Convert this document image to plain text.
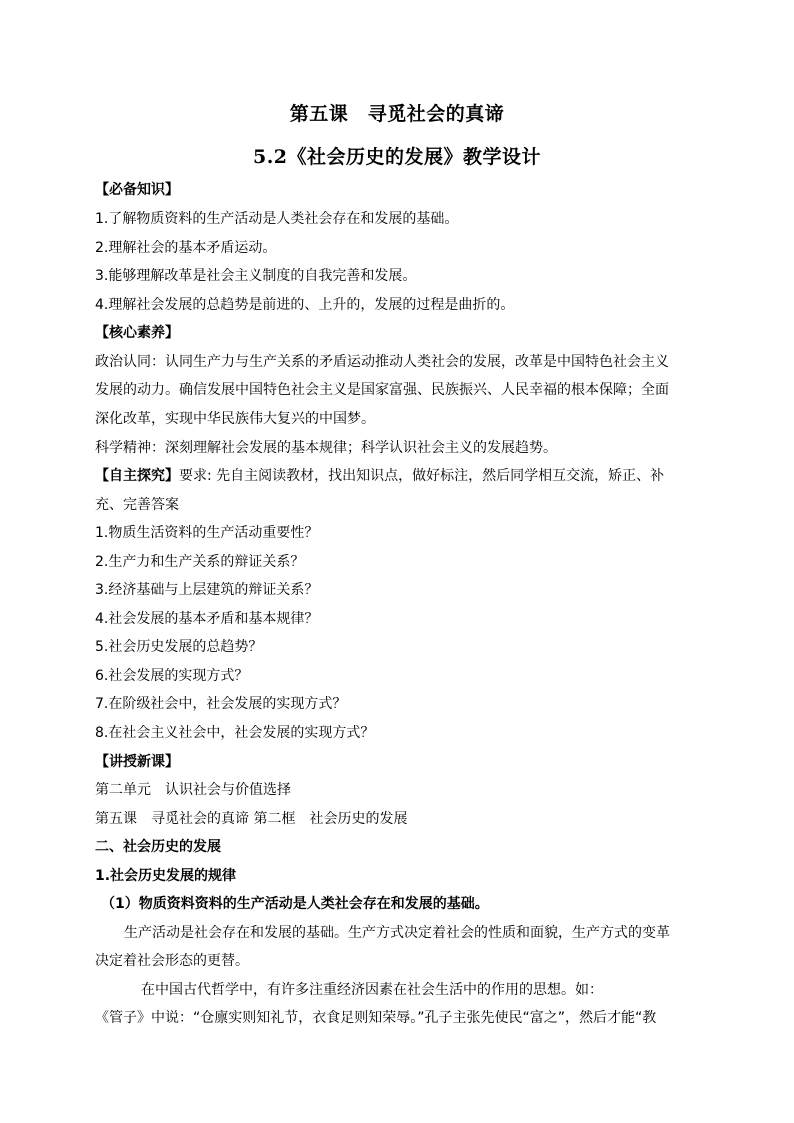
第五课　寻觅社会的真谛
5.2《社会历史的发展》教学设计
【必备知识】
1.了解物质资料的生产活动是人类社会存在和发展的基础。
2.理解社会的基本矛盾运动。
3.能够理解改革是社会主义制度的自我完善和发展。
4.理解社会发展的总趋势是前进的、上升的，发展的过程是曲折的。
【核心素养】
政治认同：认同生产力与生产关系的矛盾运动推动人类社会的发展，改革是中国特色社会主义
发展的动力。确信发展中国特色社会主义是国家富强、民族振兴、人民幸福的根本保障；全面
深化改革，实现中华民族伟大复兴的中国梦。
科学精神：深刻理解社会发展的基本规律；科学认识社会主义的发展趋势。
【自主探究】要求: 先自主阅读教材，找出知识点，做好标注，然后同学相互交流，矫正、补
充、完善答案
1.物质生活资料的生产活动重要性？
2.生产力和生产关系的辩证关系？
3.经济基础与上层建筑的辩证关系？
4.社会发展的基本矛盾和基本规律？
5.社会历史发展的总趋势？
6.社会发展的实现方式？
7.在阶级社会中，社会发展的实现方式？
8.在社会主义社会中，社会发展的实现方式？
【讲授新课】
第二单元　认识社会与价值选择
第五课　寻觅社会的真谛 第二框　社会历史的发展
二、社会历史的发展
1.社会历史发展的规律
（1）物质资料资料的生产活动是人类社会存在和发展的基础。
生产活动是社会存在和发展的基础。生产方式决定着社会的性质和面貌，生产方式的变革
决定着社会形态的更替。
在中国古代哲学中，有许多注重经济因素在社会生活中的作用的思想。如：
《管子》中说：“仓廪实则知礼节，衣食足则知荣辱。”孔子主张先使民“富之”，然后才能“教
